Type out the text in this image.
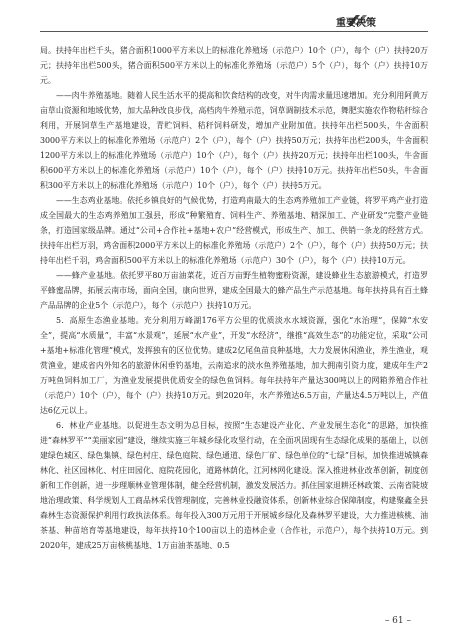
重要决策

局。扶持年出栏千头，猪合面积1000平方米以上的标准化养殖场（示范户）10个（户），每个（户）扶持20万元；扶持年出栏500头，猪合面积500平方米以上的标准化养殖场（示范户）5个（户），每个（户）扶持10万元。

——肉牛养殖基地。随着人民生活水平的提高和饮食结构的改变，对牛肉需求量迅速增加。充分利用阿黄万亩草山资源和地域优势，加大品种改良步伐，高档肉牛养殖示范，饲草调制技术示范，舞肥实施农作物秸秆综合利用，开展饲草生产基地建设，青贮饲料、秸秆饲料研发，增加产业附加值。扶持年出栏500头，牛舍面积3000平方米以上的标准化养殖场（示范户）2个（户），每个（户）扶持50万元；扶持年出栏200头，牛舍面积1200平方米以上的标准化养殖场（示范户）10个（户），每个（户）扶持20万元；扶持年出栏100头，牛舍面积600平方米以上的标准化养殖场（示范户）10个（户），每个（户）扶持10万元。扶持年出栏50头，牛舍面积300平方米以上的标准化养殖场（示范户）10个（户），每个（户）扶持5万元。

——生态鸡业基地。依托乡镇良好的气候优势，打造鸡南最大的生态鸡养殖加工产业链，将罗平鸡产业打造成全国最大的生态鸡养殖加工强县，形成“种繁殖育、饲料生产、养殖基地、精深加工、产业研发”完整产业链条，打造国家级品牌。通过“公司+合作社+基地+农户”经营模式，形成生产、加工、供销一条龙的经营方式。扶持年出栏万羽，鸡舍面积2000平方米以上的标准化养殖场（示范户）2个（户），每个（户）扶持50万元；扶持年出栏千羽，鸡舍面积500平方米以上的标准化养殖场（示范户）30个（户），每个（户）扶持10万元。

——蜂产业基地。依托罗平80万亩油菜花，近百万亩野生植物蜜粉资源，建设蜂业生态旅游模式，打造罗平蜂蜜品牌，拓展云南市场，面向全国，康向世界，建成全国最大的蜂产品生产示范基地。每年扶持具有百土蜂产品品牌的企业5个（示范户），每个（示范户）扶持10万元。

5．高原生态渔业基地。充分利用万峰湖176平方公里的优质淡水水域资源，强化“水治理”，保障“水安全”，提高“水质量”，丰富“水景观”，延展“水产业”，开发“水经济”，继推“高效生态”的功能定位，采取“公司+基地+标准化管理”模式，发挥独有的区位优势。建成2亿尾鱼苗良种基地，大力发展休闲渔业，养生渔业，观赏渔业，建成省内外知名的旅游休闲垂钓基地，云南追求的淡水鱼养殖基地，加大拥南引资力度，建成年生产2万吨鱼饲料加工厂，为渔业发展提供优质安全的绿色鱼饲料。每年扶持年产量达300吨以上的网箱养殖合作社（示范户）10个（户），每个（户）扶持10万元。到2020年，水产养殖达6.5万亩，产量达4.5万吨以上，产值达6亿元以上。

6．林业产业基地。以促进生态文明为总目标，按照“生态建设产业化、产业发展生态化”的思路，加快推进“森林罗平”“美丽家园”建设，继续实施三年城乡绿化攻坚行动，在全面巩固现有生态绿化成果的基础上，以创建绿色城区、绿色集镇、绿色村庄、绿色庭院、绿色通道、绿色厂矿、绿色单位的“七绿”目标，加快推进城镇森林化、社区园林化、村庄田园化、庭院花园化，道路林荫化，江河林网化建设。深入推进林业改革创新，制度创新和工作创新，进一步理顺林业管理体制，健全经营机制，激发发展活力。抓住国家退耕还林政策、云南省陡坡地治理政策、科学规划人工商品林采伐管理制度，完善林业投融资体系，创新林业综合保障制度，构建聚鑫全县森林生态资源保护利用行政执法体系。每年投入300万元用于开展城乡绿化及森林罗平建设，大力推进核桃、油茶基、种苗培育等基地建设，每年扶持10个100亩以上的造林企业（合作社，示范户），每个扶持10万元。到2020年，建成25万亩核桃基地、1万亩油茶基地、0.5

– 61 –
